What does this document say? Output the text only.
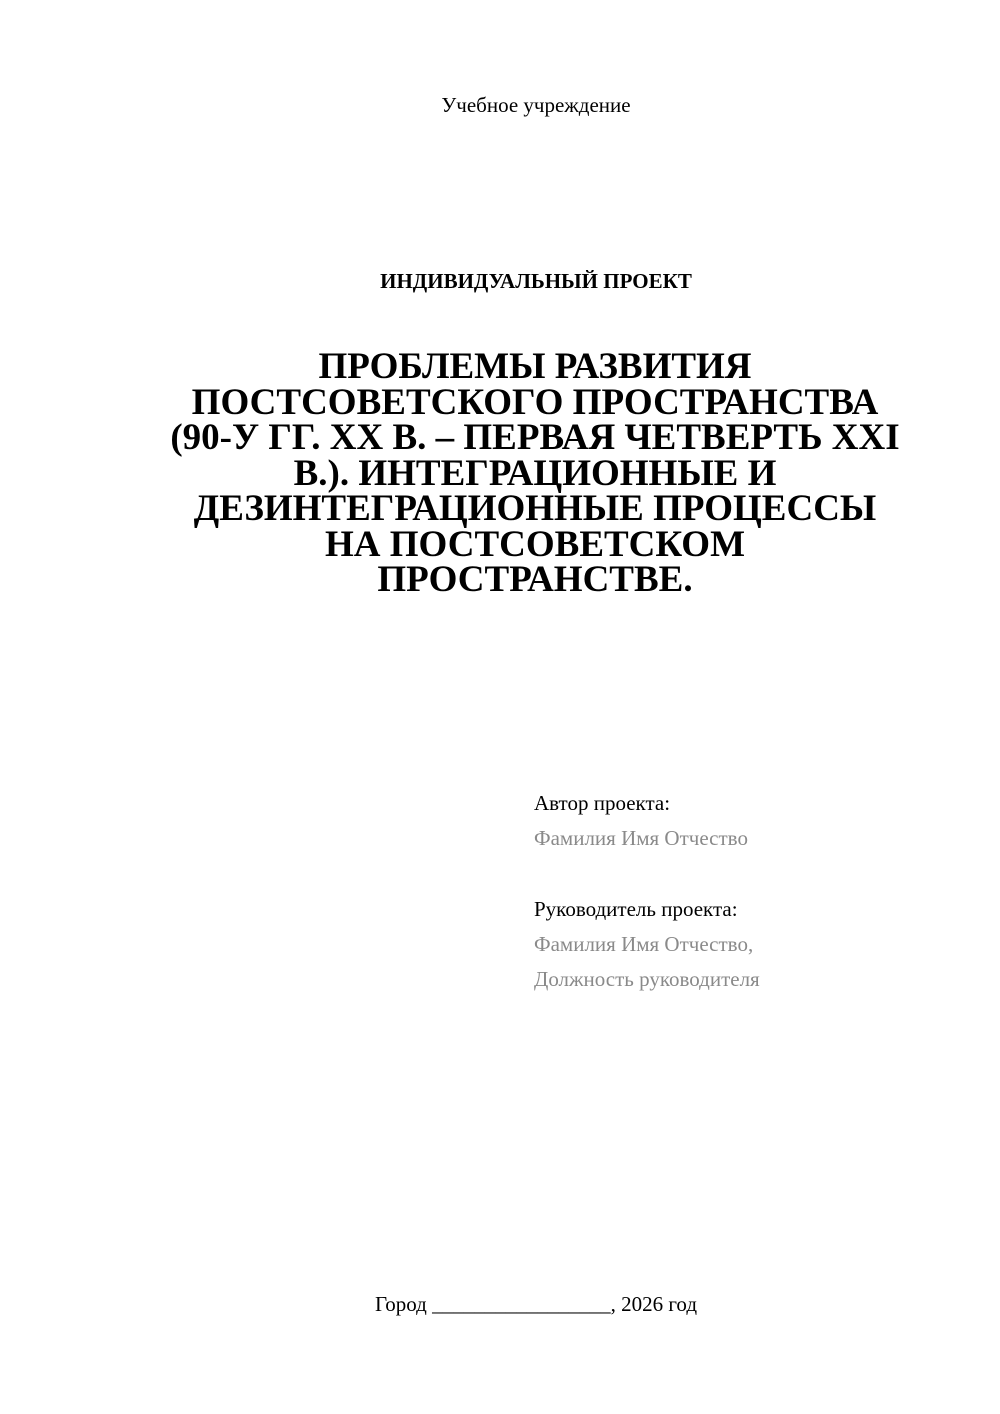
Учебное учреждение
ИНДИВИДУАЛЬНЫЙ ПРОЕКТ
ПРОБЛЕМЫ РАЗВИТИЯ
ПОСТСОВЕТСКОГО ПРОСТРАНСТВА
(90-У ГГ. XX В. – ПЕРВАЯ ЧЕТВЕРТЬ XXI
В.). ИНТЕГРАЦИОННЫЕ И
ДЕЗИНТЕГРАЦИОННЫЕ ПРОЦЕССЫ
НА ПОСТСОВЕТСКОМ
ПРОСТРАНСТВЕ.
Автор проекта:
Фамилия Имя Отчество
Руководитель проекта:
Фамилия Имя Отчество,
Должность руководителя
Город _________________, 2026 год
